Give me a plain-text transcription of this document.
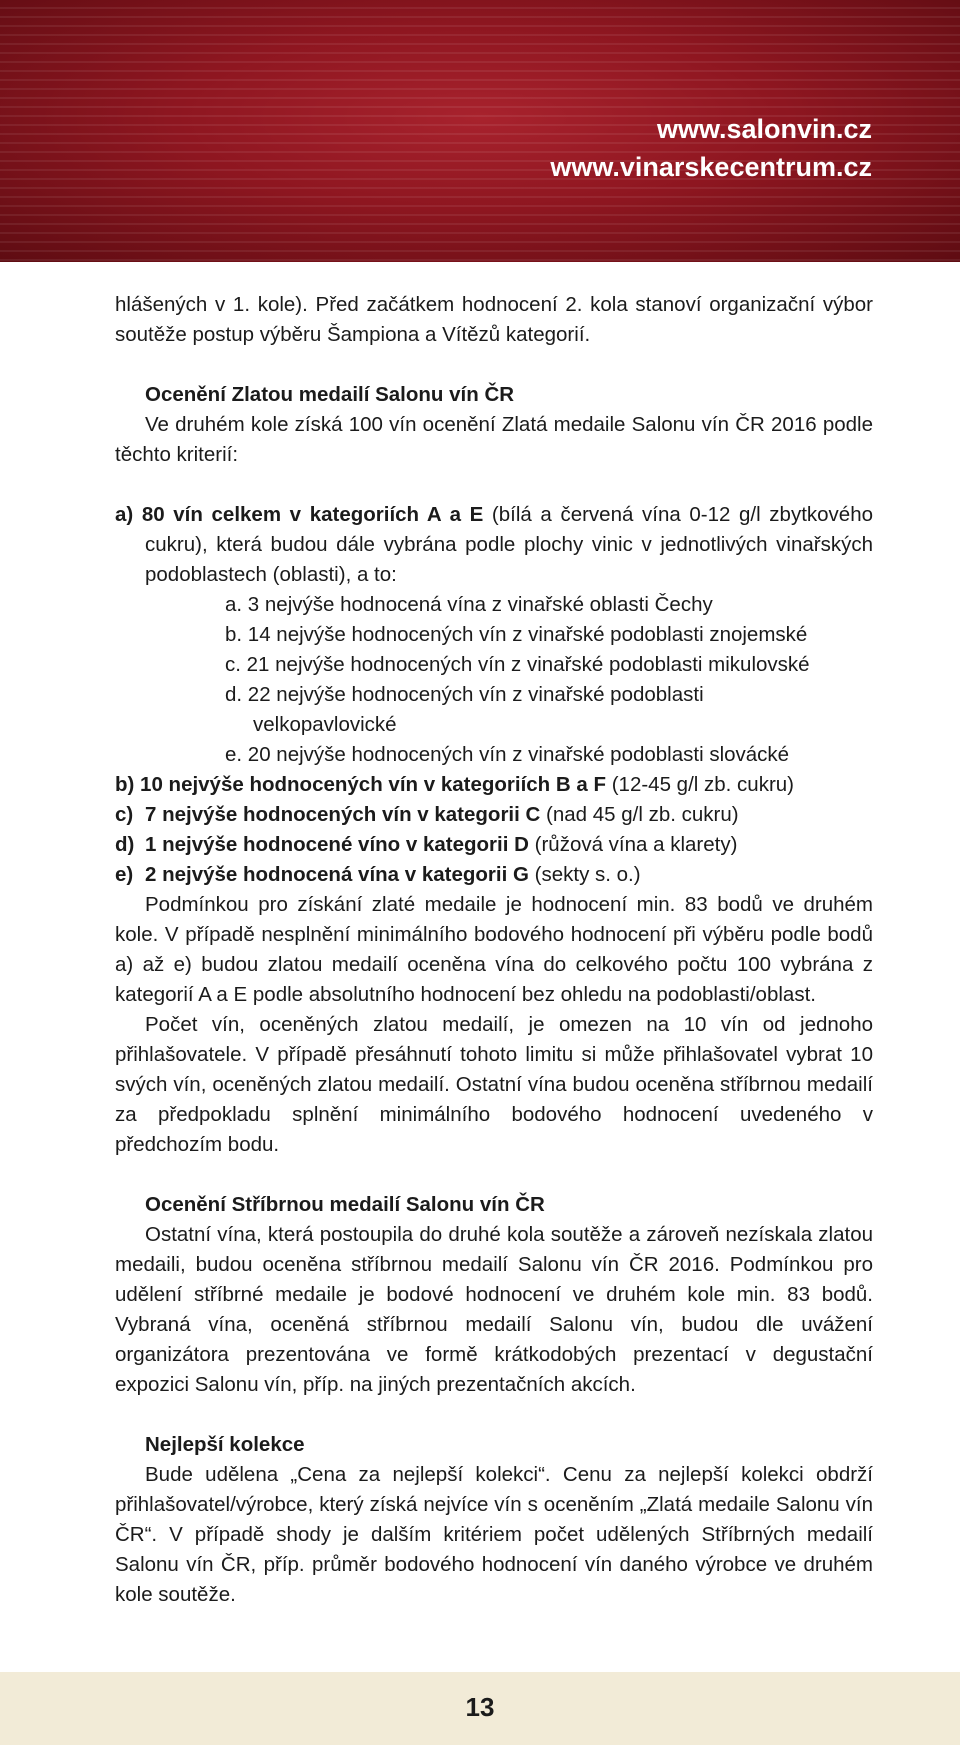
www.salonvin.cz
www.vinarskecentrum.cz

hlášených v 1. kole). Před začátkem hodnocení 2. kola stanoví organizační výbor soutěže postup výběru Šampiona a Vítězů kategorií.

Ocenění Zlatou medailí Salonu vín ČR

Ve druhém kole získá 100 vín ocenění Zlatá medaile Salonu vín ČR 2016 podle těchto kriterií:

a) 80 vín celkem v kategoriích A a E (bílá a červená vína 0-12 g/l zbytkového cukru), která budou dále vybrána podle plochy vinic v jednotlivých vinařských podoblastech (oblasti), a to:

a. 3 nejvýše hodnocená vína z vinařské oblasti Čechy

b. 14 nejvýše hodnocených vín z vinařské podoblasti znojemské

c. 21 nejvýše hodnocených vín z vinařské podoblasti mikulovské

d. 22 nejvýše hodnocených vín z vinařské podoblasti

velkopavlovické

e. 20 nejvýše hodnocených vín z vinařské podoblasti slovácké

b) 10 nejvýše hodnocených vín v kategoriích B a F (12-45 g/l zb. cukru)

c) 7 nejvýše hodnocených vín v kategorii C (nad 45 g/l zb. cukru)

d) 1 nejvýše hodnocené víno v kategorii D (růžová vína a klarety)

e) 2 nejvýše hodnocená vína v kategorii G (sekty s. o.)

Podmínkou pro získání zlaté medaile je hodnocení min. 83 bodů ve druhém kole. V případě nesplnění minimálního bodového hodnocení při výběru podle bodů a) až e) budou zlatou medailí oceněna vína do celkového počtu 100 vybrána z kategorií A a E podle absolutního hodnocení bez ohledu na podoblasti/oblast.

Počet vín, oceněných zlatou medailí, je omezen na 10 vín od jednoho přihlašovatele. V případě přesáhnutí tohoto limitu si může přihlašovatel vybrat 10 svých vín, oceněných zlatou medailí. Ostatní vína budou oceněna stříbrnou medailí za předpokladu splnění minimálního bodového hodnocení uvedeného v předchozím bodu.

Ocenění Stříbrnou medailí Salonu vín ČR

Ostatní vína, která postoupila do druhé kola soutěže a zároveň nezískala zlatou medaili, budou oceněna stříbrnou medailí Salonu vín ČR 2016. Podmínkou pro udělení stříbrné medaile je bodové hodnocení ve druhém kole min. 83 bodů. Vybraná vína, oceněná stříbrnou medailí Salonu vín, budou dle uvážení organizátora prezentována ve formě krátkodobých prezentací v degustační expozici Salonu vín, příp. na jiných prezentačních akcích.

Nejlepší kolekce

Bude udělena „Cena za nejlepší kolekci“. Cenu za nejlepší kolekci obdrží přihlašovatel/výrobce, který získá nejvíce vín s oceněním „Zlatá medaile Salonu vín ČR“. V případě shody je dalším kritériem počet udělených Stříbrných medailí Salonu vín ČR, příp. průměr bodového hodnocení vín daného výrobce ve druhém kole soutěže.

13
